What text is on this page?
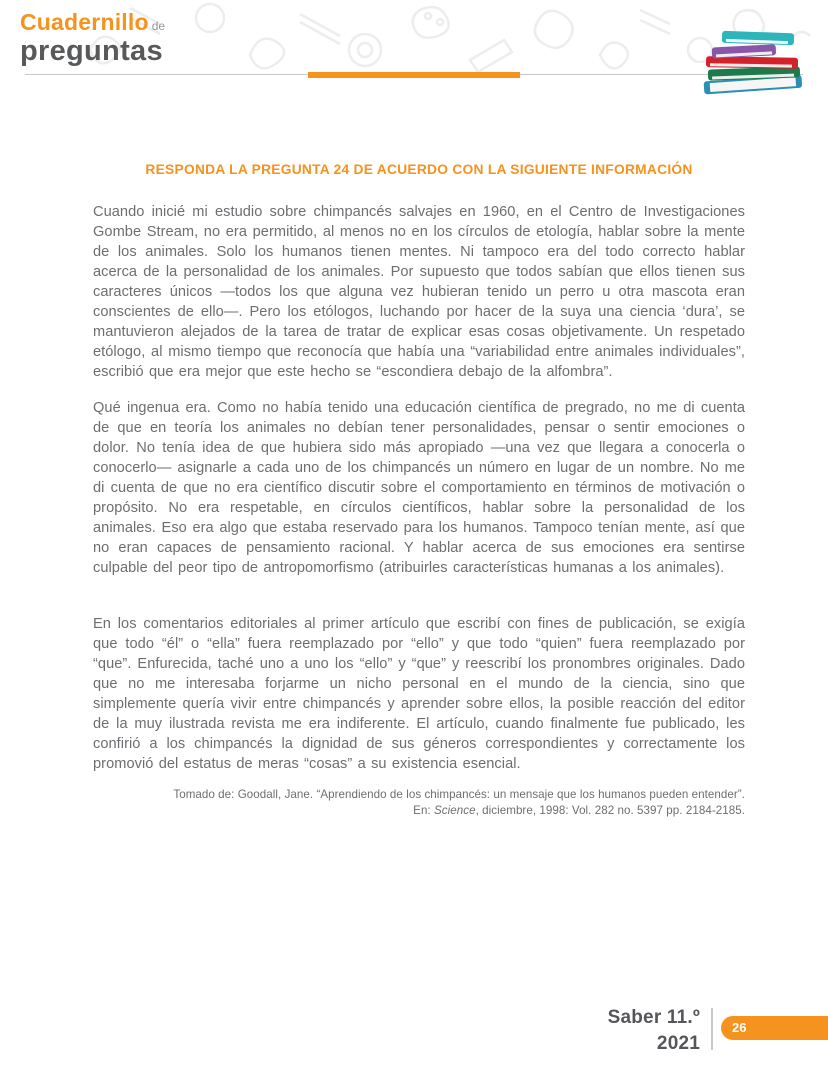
Cuadernillo de
preguntas
RESPONDA LA PREGUNTA 24 DE ACUERDO CON LA SIGUIENTE INFORMACIÓN

Cuando inicié mi estudio sobre chimpancés salvajes en 1960, en el Centro de Investigaciones Gombe Stream, no era permitido, al menos no en los círculos de etología, hablar sobre la mente de los animales. Solo los humanos tienen mentes. Ni tampoco era del todo correcto hablar acerca de la personalidad de los animales. Por supuesto que todos sabían que ellos tienen sus caracteres únicos —todos los que alguna vez hubieran tenido un perro u otra mascota eran conscientes de ello—. Pero los etólogos, luchando por hacer de la suya una ciencia ‘dura’, se mantuvieron alejados de la tarea de tratar de explicar esas cosas objetivamente. Un respetado etólogo, al mismo tiempo que reconocía que había una “variabilidad entre animales individuales”, escribió que era mejor que este hecho se “escondiera debajo de la alfombra”.

Qué ingenua era. Como no había tenido una educación científica de pregrado, no me di cuenta de que en teoría los animales no debían tener personalidades, pensar o sentir emociones o dolor. No tenía idea de que hubiera sido más apropiado —una vez que llegara a conocerla o conocerlo— asignarle a cada uno de los chimpancés un número en lugar de un nombre. No me di cuenta de que no era científico discutir sobre el comportamiento en términos de motivación o propósito. No era respetable, en círculos científicos, hablar sobre la personalidad de los animales. Eso era algo que estaba reservado para los humanos. Tampoco tenían mente, así que no eran capaces de pensamiento racional. Y hablar acerca de sus emociones era sentirse culpable del peor tipo de antropomorfismo (atribuirles características humanas a los animales).

En los comentarios editoriales al primer artículo que escribí con fines de publicación, se exigía que todo “él” o “ella” fuera reemplazado por “ello” y que todo “quien” fuera reemplazado por “que”. Enfurecida, taché uno a uno los “ello” y “que” y reescribí los pronombres originales. Dado que no me interesaba forjarme un nicho personal en el mundo de la ciencia, sino que simplemente quería vivir entre chimpancés y aprender sobre ellos, la posible reacción del editor de la muy ilustrada revista me era indiferente. El artículo, cuando finalmente fue publicado, les confirió a los chimpancés la dignidad de sus géneros correspondientes y correctamente los promovió del estatus de meras “cosas” a su existencia esencial.

Tomado de: Goodall, Jane. “Aprendiendo de los chimpancés: un mensaje que los humanos pueden entender”.
En: Science, diciembre, 1998: Vol. 282 no. 5397 pp. 2184-2185.
Saber 11.º
2021
26
